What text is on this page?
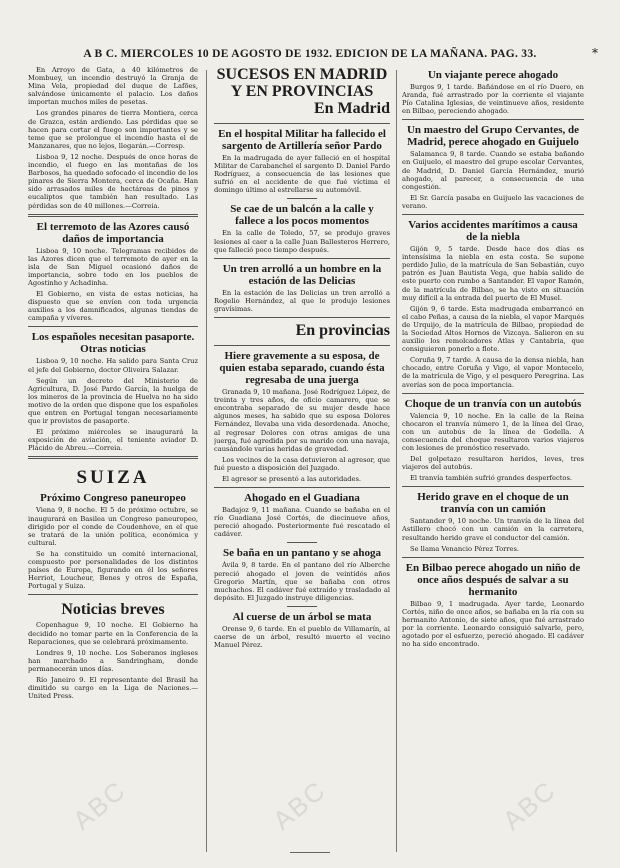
A B C. MIERCOLES 10 DE AGOSTO DE 1932. EDICION DE LA MAÑANA. PAG. 33.	*

En Arroyo de Gata, a 40 kilómetros de Mombuey, un incendio destruyó la Granja de Mina Vela, propiedad del duque de Lafões, salvándose únicamente el palacio. Los daños importan muchos miles de pesetas.

Los grandes pinares de tierra Montiera, cerca de Grazca, están ardiendo. Las pérdidas que se hacen para cortar el fuego son importantes y se teme que se prolongue el incendio hasta el de Manzanares, que no lejos, llegarán.—Corresp.

Lisboa 9, 12 noche. Después de once horas de incendio, el fuego en las montañas de los Barbosos, ha quedado sofocado el incendio de los pinares de Sierra Montera, cerca de Ocaña. Han sido arrasados miles de hectáreas de pinos y eucaliptos que también han resultado. Las pérdidas son de 40 millones.—Correia.

El terremoto de las Azores causó daños de importancia

Lisboa 9, 10 noche. Telegramas recibidos de las Azores dicen que el terremoto de ayer en la isla de San Miguel ocasionó daños de importancia, sobre todo en los pueblos de Agostinho y Achadinha.

El Gobierno, en vista de estas noticias, ha dispuesto que se envíen con toda urgencia auxilios a los damnificados, algunas tiendas de campaña y víveres.

Los españoles necesitan pasaporte. Otras noticias

Lisboa 9, 10 noche. Ha salido para Santa Cruz el jefe del Gobierno, doctor Oliveira Salazar.

Según un decreto del Ministerio de Agricultura, D. José Pardo García, la huelga de los mineros de la provincia de Huelva no ha sido motivo de la orden que dispone que los españoles que entren en Portugal tengan necesariamente que ir provistos de pasaporte.

El próximo miércoles se inaugurará la exposición de aviación, el teniente aviador D. Plácido de Abreu.—Correia.

SUIZA
Próximo Congreso paneuropeo

Viena 9, 8 noche. El 5 de próximo octubre, se inaugurará en Basilea un Congreso paneuropeo, dirigido por el conde de Coudenhove, en el que se tratará de la unión política, económica y cultural.

Se ha constituido un comité internacional, compuesto por personalidades de los distintos países de Europa, figurando en él los señores Herriot, Loucheur, Benes y otros de España, Portugal y Suiza.

Noticias breves

Copenhague 9, 10 noche. El Gobierno ha decidido no tomar parte en la Conferencia de la Reparaciones, que se celebrará próximamente.

Londres 9, 10 noche. Los Soberanos ingleses han marchado a Sandringham, donde permanecerán unos días.

Río Janeiro 9. El representante del Brasil ha dimitido su cargo en la Liga de Naciones.—United Press.

SUCESOS EN MADRID Y EN PROVINCIAS
En Madrid
En el hospital Militar ha fallecido el sargento de Artillería señor Pardo

En la madrugada de ayer falleció en el hospital Militar de Carabanchel el sargento D. Daniel Pardo Rodríguez, a consecuencia de las lesiones que sufrió en el accidente de que fué víctima el domingo último al estrellarse su automóvil.

Se cae de un balcón a la calle y fallece a los pocos momentos

En la calle de Toledo, 57, se produjo graves lesiones al caer a la calle Juan Ballesteros Herrero, que falleció poco tiempo después.

Un tren arrolló a un hombre en la estación de las Delicias

En la estación de las Delicias un tren arrolló a Rogelio Hernández, al que le produjo lesiones gravísimas.

En provincias
Hiere gravemente a su esposa, de quien estaba separado, cuando ésta regresaba de una juerga

Granada 9, 10 mañana. José Rodríguez López, de treinta y tres años, de oficio camarero, que se encontraba separado de su mujer desde hace algunos meses, ha sabido que su esposa Dolores Fernández, llevaba una vida desordenada. Anoche, al regresar Dolores con otras amigas de una juerga, fué agredida por su marido con una navaja, causándole varias heridas de gravedad.

Los vecinos de la casa detuvieron al agresor, que fué puesto a disposición del Juzgado.

El agresor se presentó a las autoridades.

Ahogado en el Guadiana

Badajoz 9, 11 mañana. Cuando se bañaba en el río Guadiana José Cortés, de diecinueve años, pereció ahogado. Posteriormente fué rescatado el cadáver.

Se baña en un pantano y se ahoga

Ávila 9, 8 tarde. En el pantano del río Alberche pereció ahogado el joven de veintidós años Gregorio Martín, que se bañaba con otros muchachos. El cadáver fué extraído y trasladado al depósito. El Juzgado instruye diligencias.

Al cuerse de un árbol se mata

Orense 9, 6 tarde. En el pueblo de Villamarín, al caerse de un árbol, resultó muerto el vecino Manuel Pérez.

Un viajante perece ahogado

Burgos 9, 1 tarde. Bañándose en el río Duero, en Aranda, fué arrastrado por la corriente el viajante Pío Catalina Iglesias, de veintinueve años, residente en Bilbao, pereciendo ahogado.

Un maestro del Grupo Cervantes, de Madrid, perece ahogado en Guijuelo

Salamanca 9, 8 tarde. Cuando se estaba bañando en Guijuelo, el maestro del grupo escolar Cervantes, de Madrid, D. Daniel García Hernández, murió ahogado, al parecer, a consecuencia de una congestión.

El Sr. García pasaba en Guijuelo las vacaciones de verano.

Varios accidentes marítimos a causa de la niebla

Gijón 9, 5 tarde. Desde hace dos días es intensísima la niebla en esta costa. Se supone perdido Julio, de la matrícula de San Sebastián, cuyo patrón es Juan Bautista Vega, que había salido de este puerto con rumbo a Santander. El vapor Ramón, de la matrícula de Bilbao, se ha visto en situación muy difícil a la entrada del puerto de El Musel.

Gijón 9, 6 tarde. Esta madrugada embarrancó en el cabo Peñas, a causa de la niebla, el vapor Marqués de Urquijo, de la matrícula de Bilbao, propiedad de la Sociedad Altos Hornos de Vizcaya. Salieron en su auxilio los remolcadores Atlas y Cantabria, que consiguieron ponerlo a flote.

Coruña 9, 7 tarde. A causa de la densa niebla, han chocado, entre Coruña y Vigo, el vapor Montecelo, de la matrícula de Vigo, y el pesquero Peregrina. Las averías son de poca importancia.

Choque de un tranvía con un autobús

Valencia 9, 10 noche. En la calle de la Reina chocaron el tranvía número 1, de la línea del Grao, con un autobús de la línea de Godella. A consecuencia del choque resultaron varios viajeros con lesiones de pronóstico reservado.

Del golpetazo resultaron heridos, leves, tres viajeros del autobús.

El tranvía también sufrió grandes desperfectos.

Herido grave en el choque de un tranvía con un camión

Santander 9, 10 noche. Un tranvía de la línea del Astillero chocó con un camión en la carretera, resultando herido grave el conductor del camión.

Se llama Venancio Pérez Torres.

En Bilbao perece ahogado un niño de once años después de salvar a su hermanito

Bilbao 9, 1 madrugada. Ayer tarde, Leonardo Cortés, niño de once años, se bañaba en la ría con su hermanito Antonio, de siete años, que fué arrastrado por la corriente. Leonardo consiguió salvarle, pero, agotado por el esfuerzo, pereció ahogado. El cadáver no ha sido encontrado.

ABC	ABC	ABC
